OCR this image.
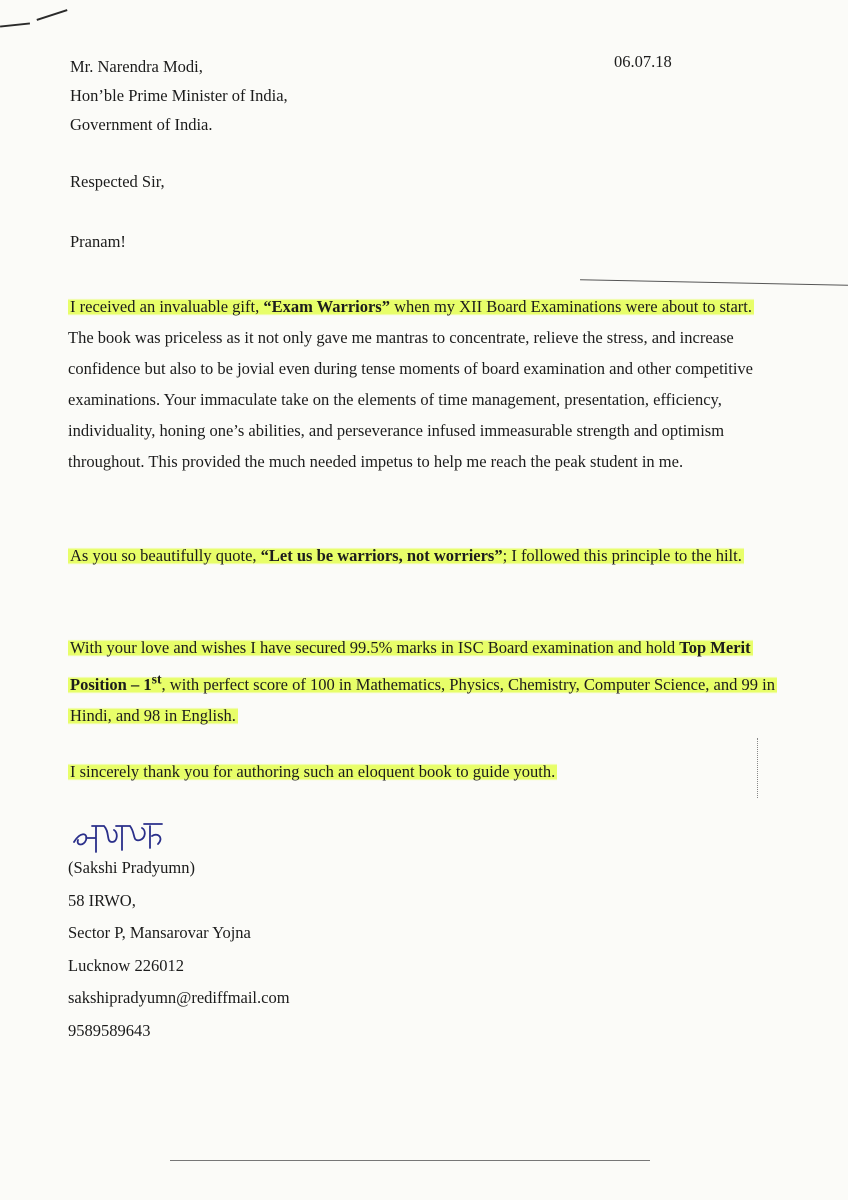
06.07.18
Mr. Narendra Modi,
Hon’ble Prime Minister of India,
Government of India.
Respected Sir,
Pranam!
I received an invaluable gift, “Exam Warriors” when my XII Board Examinations were about to start. The book was priceless as it not only gave me mantras to concentrate, relieve the stress, and increase confidence but also to be jovial even during tense moments of board examination and other competitive examinations. Your immaculate take on the elements of time management, presentation, efficiency, individuality, honing one’s abilities, and perseverance infused immeasurable strength and optimism throughout. This provided the much needed impetus to help me reach the peak student in me.
As you so beautifully quote, “Let us be warriors, not worriers”; I followed this principle to the hilt.
With your love and wishes I have secured 99.5% marks in ISC Board examination and hold Top Merit Position – 1st, with perfect score of 100 in Mathematics, Physics, Chemistry, Computer Science, and 99 in Hindi, and 98 in English.
I sincerely thank you for authoring such an eloquent book to guide youth.
(Sakshi Pradyumn)
58 IRWO,
Sector P, Mansarovar Yojna
Lucknow 226012
sakshipradyumn@rediffmail.com
9589589643
